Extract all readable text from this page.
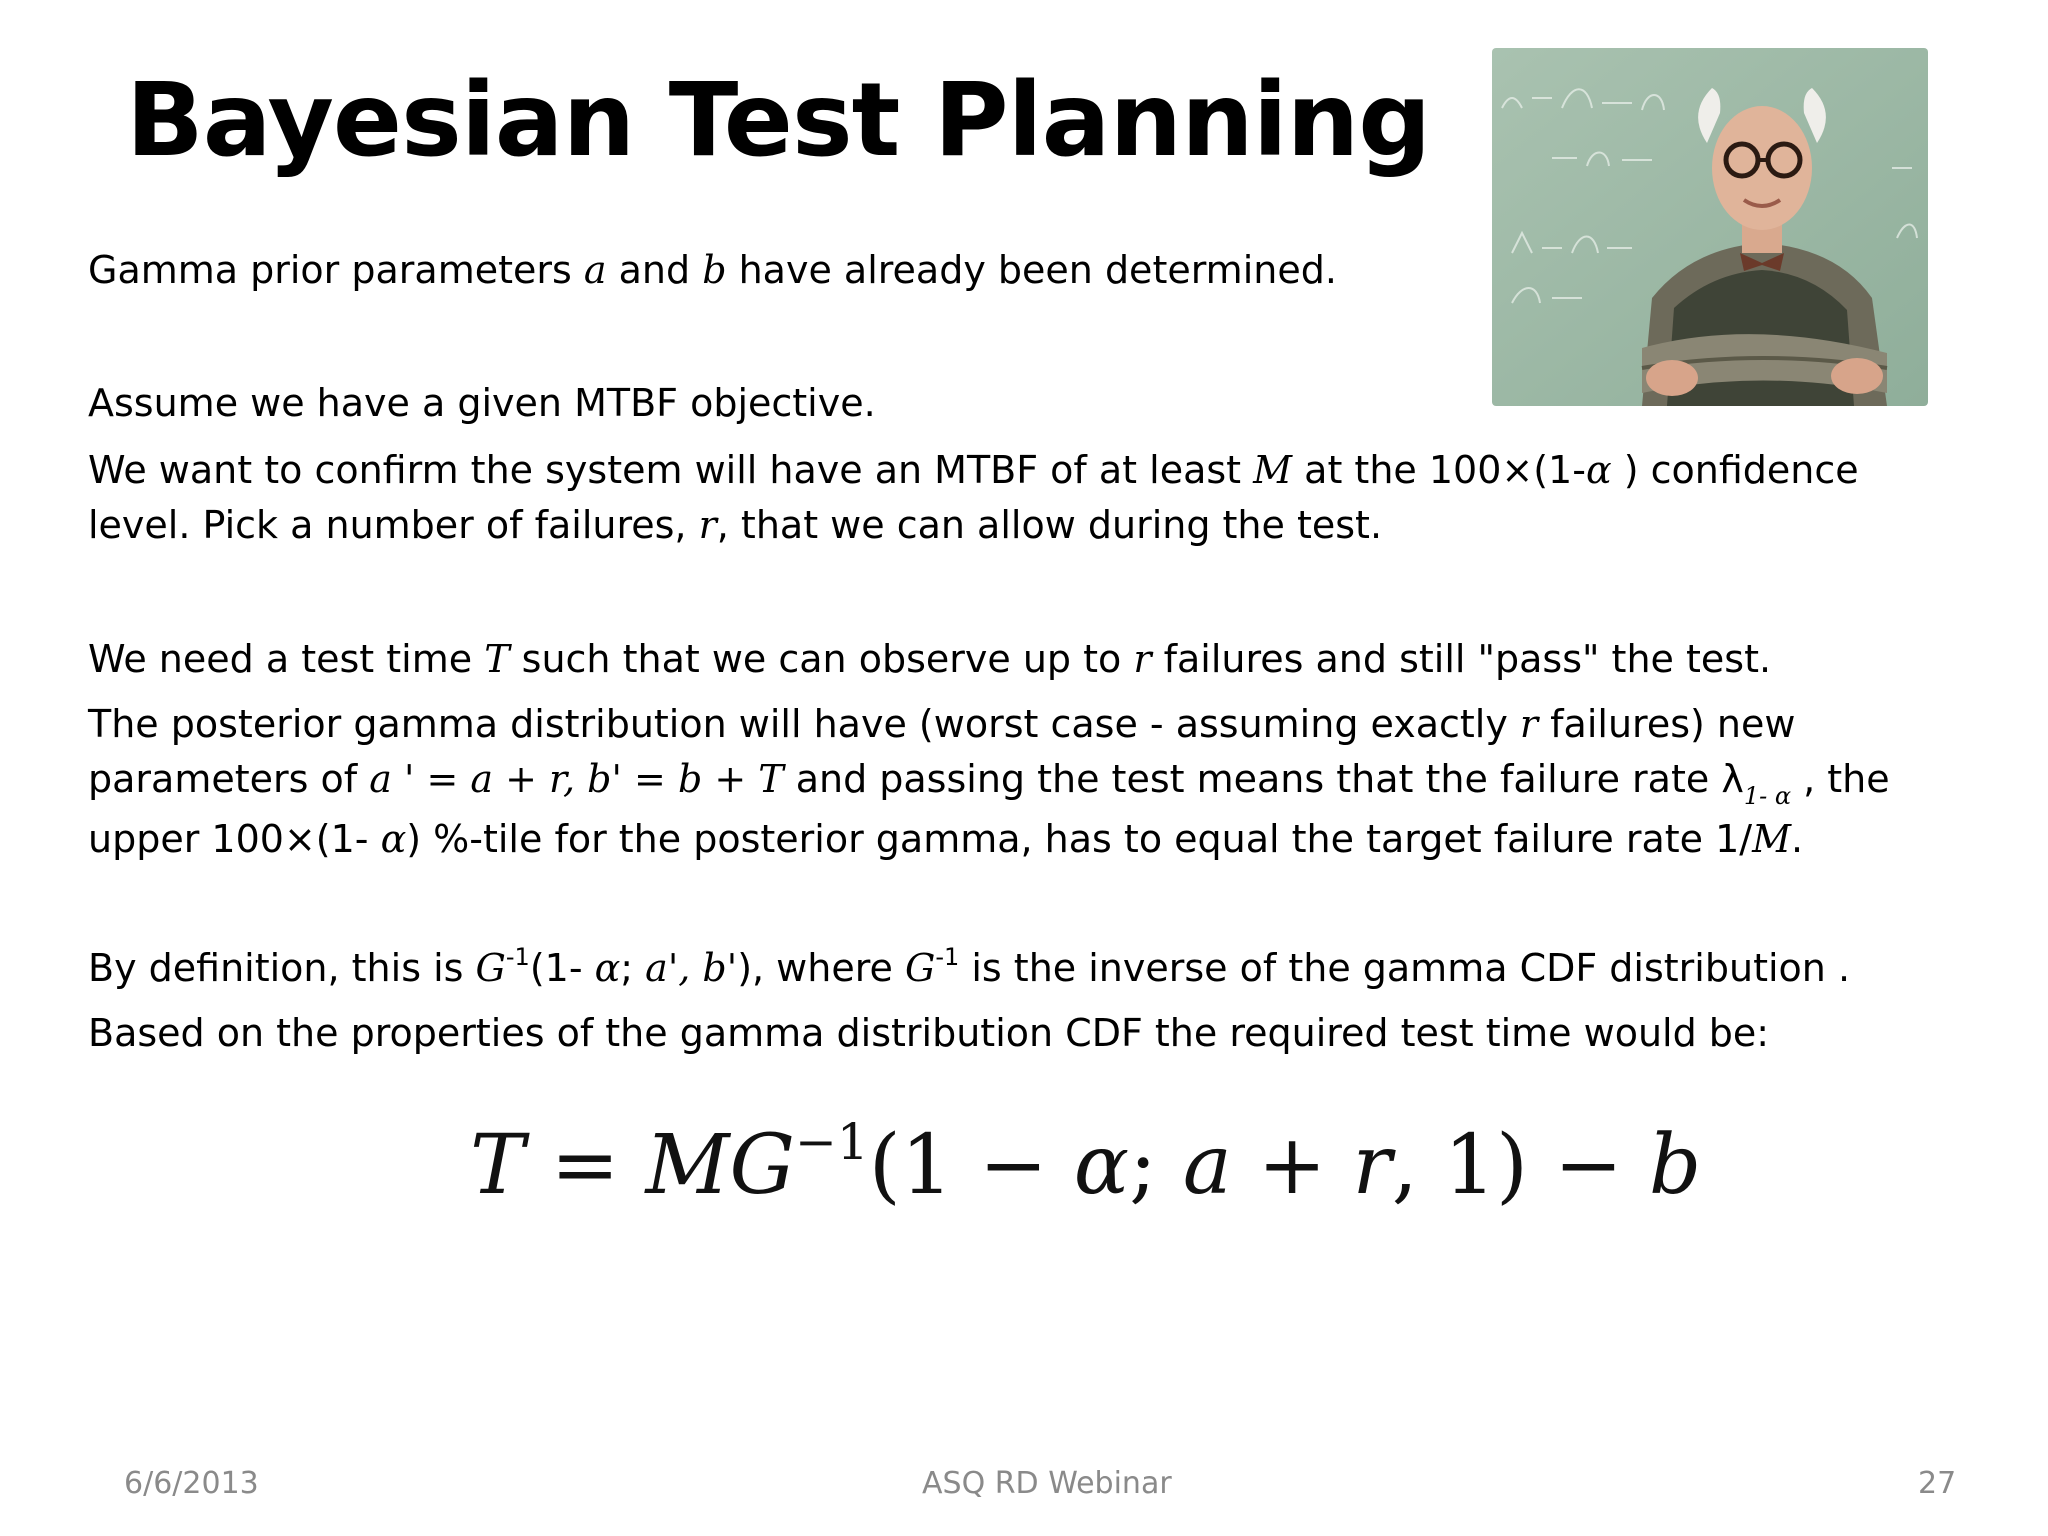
Bayesian Test Planning
Gamma prior parameters a and b have already been determined.
Assume we have a given MTBF objective.
We want to confirm the system will have an MTBF of at least M at the 100×(1-α ) confidence
level. Pick a number of failures, r, that we can allow during the test.
We need a test time T such that we can observe up to r failures and still "pass" the test.
The posterior gamma distribution will have (worst case - assuming exactly r failures) new
parameters of a ' = a + r, b' = b + T and passing the test means that the failure rate $\lambda_{1- \alpha}$ , the
upper 100×(1- α) %-tile for the posterior gamma, has to equal the target failure rate 1/M.
By definition, this is $G^{-1}(1-$ α; a', b'), where $G^{-1}$ is the inverse of the gamma CDF distribution .
Based on the properties of the gamma distribution CDF the required test time would be:
$T = MG^{-1}(1 - \alpha$; a + r, 1) − b
6/6/2013	ASQ RD Webinar	27
